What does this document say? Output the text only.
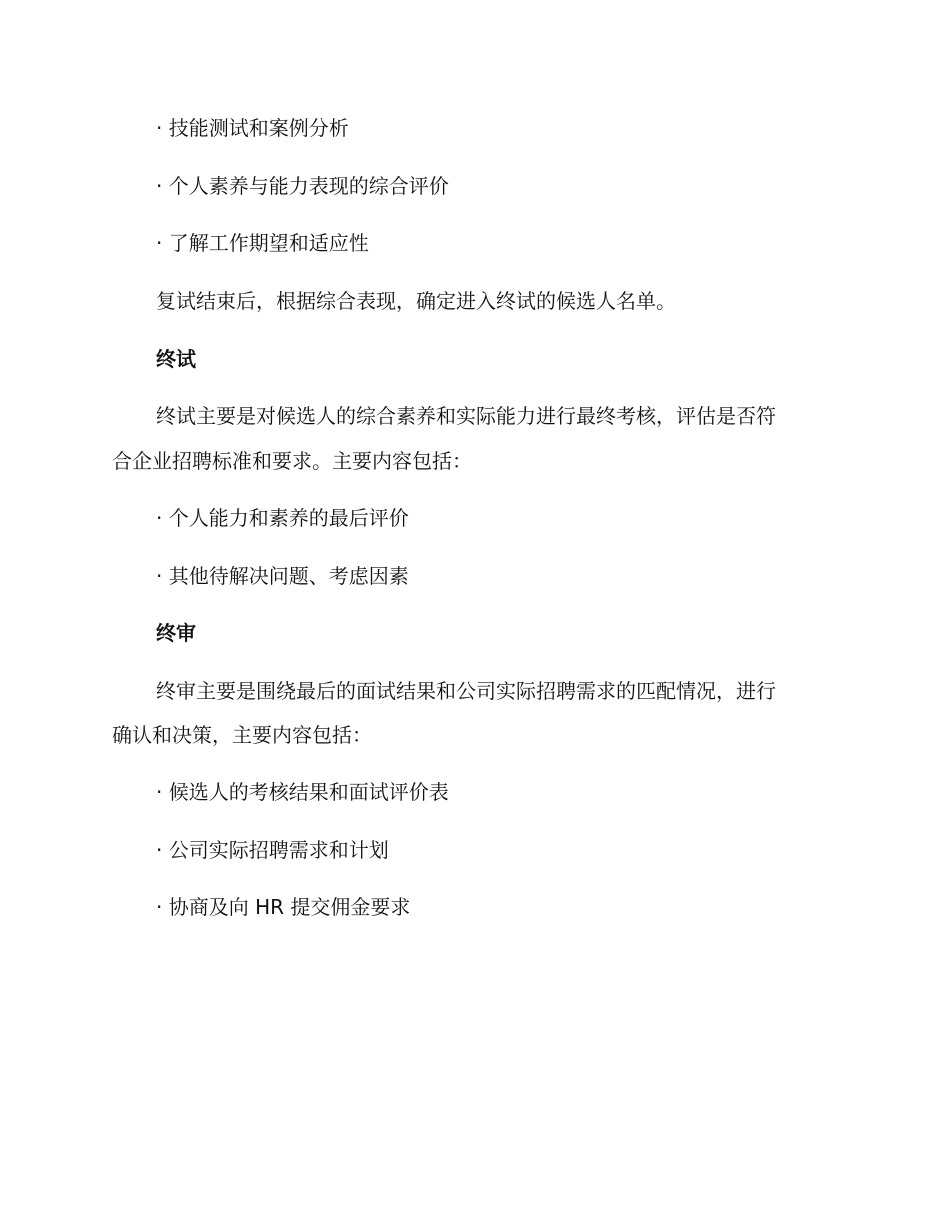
· 技能测试和案例分析
· 个人素养与能力表现的综合评价
· 了解工作期望和适应性
复试结束后，根据综合表现，确定进入终试的候选人名单。
终试
终试主要是对候选人的综合素养和实际能力进行最终考核，评估是否符
合企业招聘标准和要求。主要内容包括：
· 个人能力和素养的最后评价
· 其他待解决问题、考虑因素
终审
终审主要是围绕最后的面试结果和公司实际招聘需求的匹配情况，进行
确认和决策，主要内容包括：
· 候选人的考核结果和面试评价表
· 公司实际招聘需求和计划
· 协商及向 HR 提交佣金要求
